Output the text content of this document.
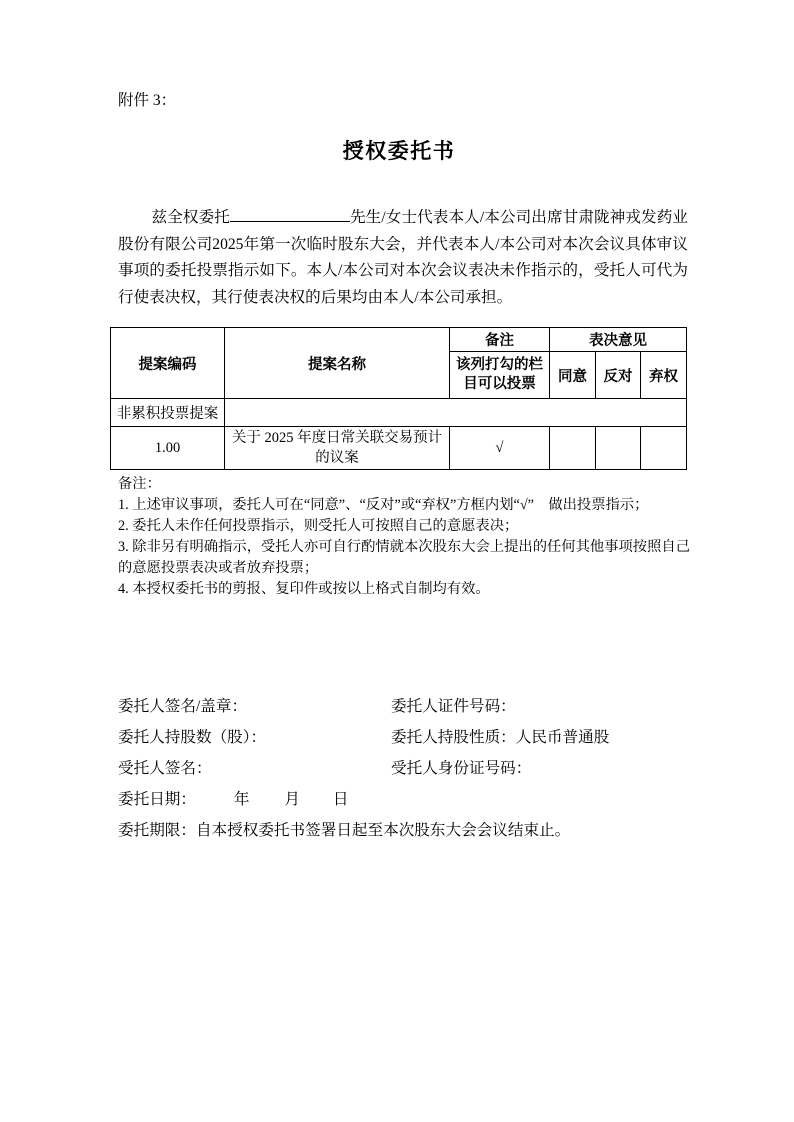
附件 3：
授权委托书

兹全权委托	先生/女士代表本人/本公司出席甘肃陇神戎发药业股份有限公司2025年第一次临时股东大会，并代表本人/本公司对本次会议具体审议事项的委托投票指示如下。本人/本公司对本次会议表决未作指示的，受托人可代为行使表决权，其行使表决权的后果均由本人/本公司承担。

提案编码	提案名称	备注	表决意见		
		该列打勾的栏目可以投票	同意	反对	弃权
非累积投票提案					
1.00	关于 2025 年度日常关联交易预计的议案	√			
备注：
1. 上述审议事项，委托人可在“同意”、“反对”或“弃权”方框内划“√”　做出投票指示；
2. 委托人未作任何投票指示，则受托人可按照自己的意愿表决；
3. 除非另有明确指示，受托人亦可自行酌情就本次股东大会上提出的任何其他事项按照自己的意愿投票表决或者放弃投票；
4. 本授权委托书的剪报、复印件或按以上格式自制均有效。
委托人签名/盖章：	委托人证件号码：
委托人持股数（股）：	委托人持股性质：人民币普通股
受托人签名：	受托人身份证号码：
委托日期： 年 月 日
委托期限：自本授权委托书签署日起至本次股东大会会议结束止。
